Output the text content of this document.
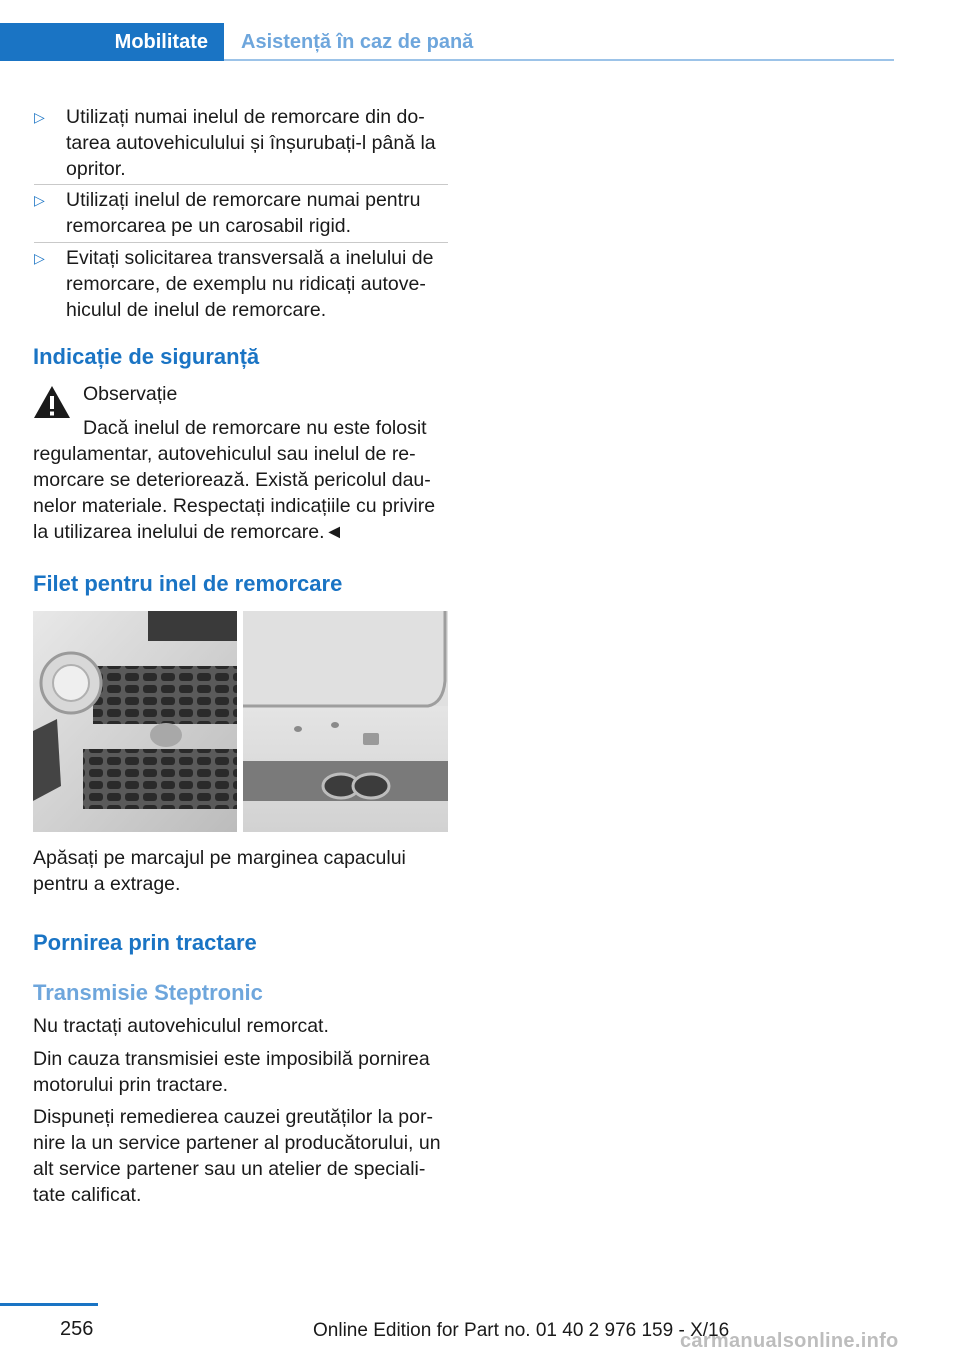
Mobilitate Asistență în caz de pană
▷ Utilizați numai inelul de remorcare din do-
tarea autovehiculului și înșurubați-l până la
opritor.
▷ Utilizați inelul de remorcare numai pentru
remorcarea pe un carosabil rigid.
▷ Evitați solicitarea transversală a inelului de
remorcare, de exemplu nu ridicați autove-
hiculul de inelul de remorcare.
Indicație de siguranță
Observație
Dacă inelul de remorcare nu este folosit
regulamentar, autovehiculul sau inelul de re-
morcare se deteriorează. Există pericolul dau-
nelor materiale. Respectați indicațiile cu privire
la utilizarea inelului de remorcare.◄
Filet pentru inel de remorcare
Apăsați pe marcajul pe marginea capacului
pentru a extrage.
Pornirea prin tractare
Transmisie Steptronic
Nu tractați autovehiculul remorcat.
Din cauza transmisiei este imposibilă pornirea
motorului prin tractare.
Dispuneți remedierea cauzei greutăților la por-
nire la un service partener al producătorului, un
alt service partener sau un atelier de speciali-
tate calificat.
256	Online Edition for Part no. 01 40 2 976 159 - X/16
carmanualsonline.info
